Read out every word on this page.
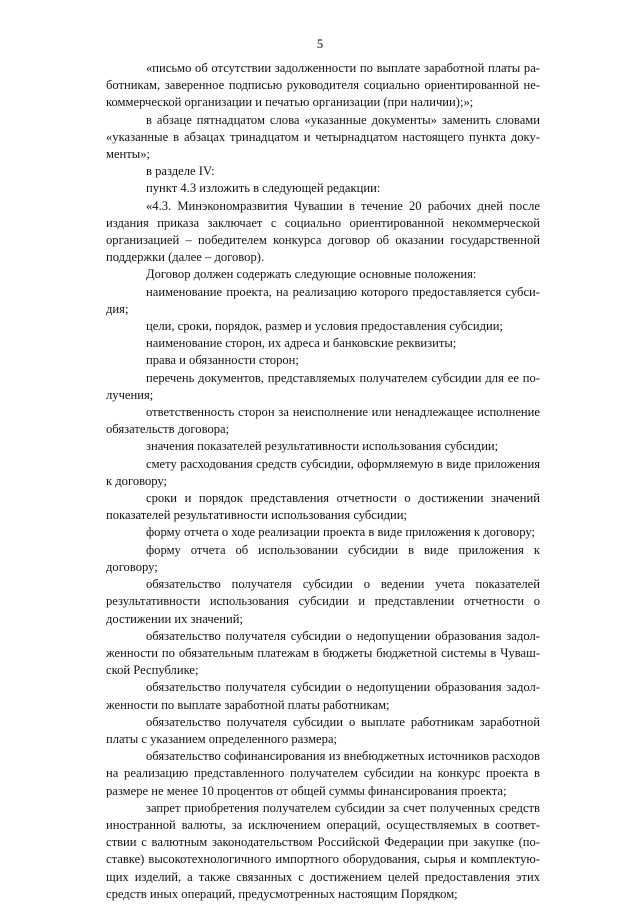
5

«письмо об отсутствии задолженности по выплате заработной платы работникам, заверенное подписью руководителя социально ориентированной некоммерческой организации и печатью организации (при наличии);»;

в абзаце пятнадцатом слова «указанные документы» заменить словами «указанные в абзацах тринадцатом и четырнадцатом настоящего пункта документы»;

в разделе IV:

пункт 4.3 изложить в следующей редакции:

«4.3. Минэкономразвития Чувашии в течение 20 рабочих дней после издания приказа заключает с социально ориентированной некоммерческой организацией – победителем конкурса договор об оказании государственной поддержки (далее – договор).

Договор должен содержать следующие основные положения:

наименование проекта, на реализацию которого предоставляется субсидия;

цели, сроки, порядок, размер и условия предоставления субсидии;

наименование сторон, их адреса и банковские реквизиты;

права и обязанности сторон;

перечень документов, представляемых получателем субсидии для ее получения;

ответственность сторон за неисполнение или ненадлежащее исполнение обязательств договора;

значения показателей результативности использования субсидии;

смету расходования средств субсидии, оформляемую в виде приложения к договору;

сроки и порядок представления отчетности о достижении значений показателей результативности использования субсидии;

форму отчета о ходе реализации проекта в виде приложения к договору;

форму отчета об использовании субсидии в виде приложения к договору;

обязательство получателя субсидии о ведении учета показателей результативности использования субсидии и представлении отчетности о достижении их значений;

обязательство получателя субсидии о недопущении образования задолженности по обязательным платежам в бюджеты бюджетной системы в Чувашской Республике;

обязательство получателя субсидии о недопущении образования задолженности по выплате заработной платы работникам;

обязательство получателя субсидии о выплате работникам заработной платы с указанием определенного размера;

обязательство софинансирования из внебюджетных источников расходов на реализацию представленного получателем субсидии на конкурс проекта в размере не менее 10 процентов от общей суммы финансирования проекта;

запрет приобретения получателем субсидии за счет полученных средств иностранной валюты, за исключением операций, осуществляемых в соответствии с валютным законодательством Российской Федерации при закупке (поставке) высокотехнологичного импортного оборудования, сырья и комплектующих изделий, а также связанных с достижением целей предоставления этих средств иных операций, предусмотренных настоящим Порядком;
